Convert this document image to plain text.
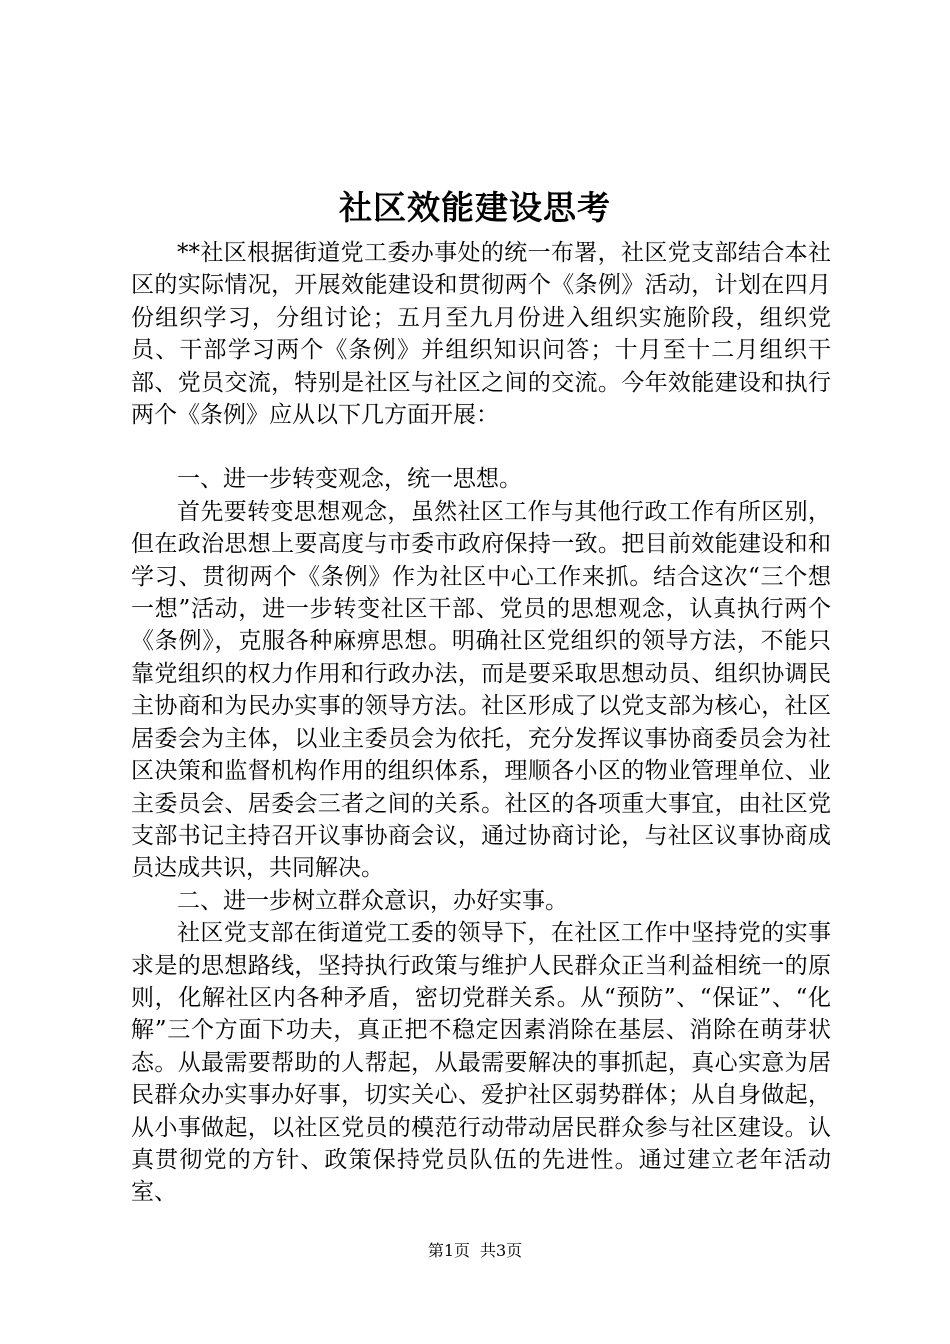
社区效能建设思考

**社区根据街道党工委办事处的统一布署，社区党支部结合本社区的实际情况，开展效能建设和贯彻两个《条例》活动，计划在四月份组织学习，分组讨论；五月至九月份进入组织实施阶段，组织党员、干部学习两个《条例》并组织知识问答；十月至十二月组织干部、党员交流，特别是社区与社区之间的交流。今年效能建设和执行两个《条例》应从以下几方面开展：

一、进一步转变观念，统一思想。

首先要转变思想观念，虽然社区工作与其他行政工作有所区别，但在政治思想上要高度与市委市政府保持一致。把目前效能建设和和学习、贯彻两个《条例》作为社区中心工作来抓。结合这次“三个想一想”活动，进一步转变社区干部、党员的思想观念，认真执行两个《条例》，克服各种麻痹思想。明确社区党组织的领导方法，不能只靠党组织的权力作用和行政办法，而是要采取思想动员、组织协调民主协商和为民办实事的领导方法。社区形成了以党支部为核心，社区居委会为主体，以业主委员会为依托，充分发挥议事协商委员会为社区决策和监督机构作用的组织体系，理顺各小区的物业管理单位、业主委员会、居委会三者之间的关系。社区的各项重大事宜，由社区党支部书记主持召开议事协商会议，通过协商讨论，与社区议事协商成员达成共识，共同解决。

二、进一步树立群众意识，办好实事。

社区党支部在街道党工委的领导下，在社区工作中坚持党的实事求是的思想路线，坚持执行政策与维护人民群众正当利益相统一的原则，化解社区内各种矛盾，密切党群关系。从“预防”、“保证”、“化解”三个方面下功夫，真正把不稳定因素消除在基层、消除在萌芽状态。从最需要帮助的人帮起，从最需要解决的事抓起，真心实意为居民群众办实事办好事，切实关心、爱护社区弱势群体；从自身做起，从小事做起，以社区党员的模范行动带动居民群众参与社区建设。认真贯彻党的方针、政策保持党员队伍的先进性。通过建立老年活动室、

第1页 共3页
